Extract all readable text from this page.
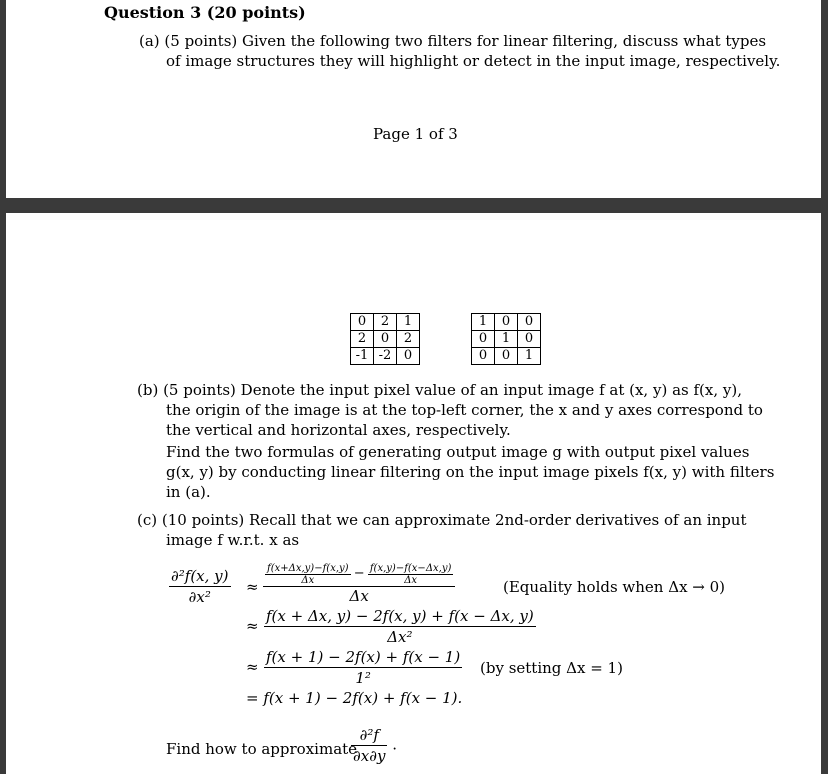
Question 3 (20 points)
(a) (5 points) Given the following two filters for linear filtering, discuss what types
of image structures they will highlight or detect in the input image, respectively.
Page 1 of 3
0	2	1
2	0	2
-1	-2	0
1	0	0
0	1	0
0	0	1
(b) (5 points) Denote the input pixel value of an input image f at (x, y) as f(x, y),
the origin of the image is at the top-left corner, the x and y axes correspond to
the vertical and horizontal axes, respectively.
Find the two formulas of generating output image g with output pixel values
g(x, y) by conducting linear filtering on the input image pixels f(x, y) with filters
in (a).
(c) (10 points) Recall that we can approximate 2nd-order derivatives of an input
image f w.r.t. x as
$\frac{\text{∂²f(x, y)}}{\text{∂x²}}$ ≈
$\frac{f(x+\Delta x,y)-f(x,y)}{\Delta x} - \frac{f(x,y)-f(x-\Delta x,y)}{\Delta x}$
Δx	(Equality holds when Δx → 0)
≈ $\frac{f(x + \Delta x, y) - 2f(x, y) + f(x - \Delta x, y)}{\text{Δx²}}$
≈ $\frac{f(x + 1) - 2f(x) + f(x - 1)}{\text{1²}} (by$ setting Δx = 1)
= f(x + 1) − 2f(x) + f(x − 1).
Find how to approximate
$\frac{\text{∂²f}}{\partial x\partial y}$ .
